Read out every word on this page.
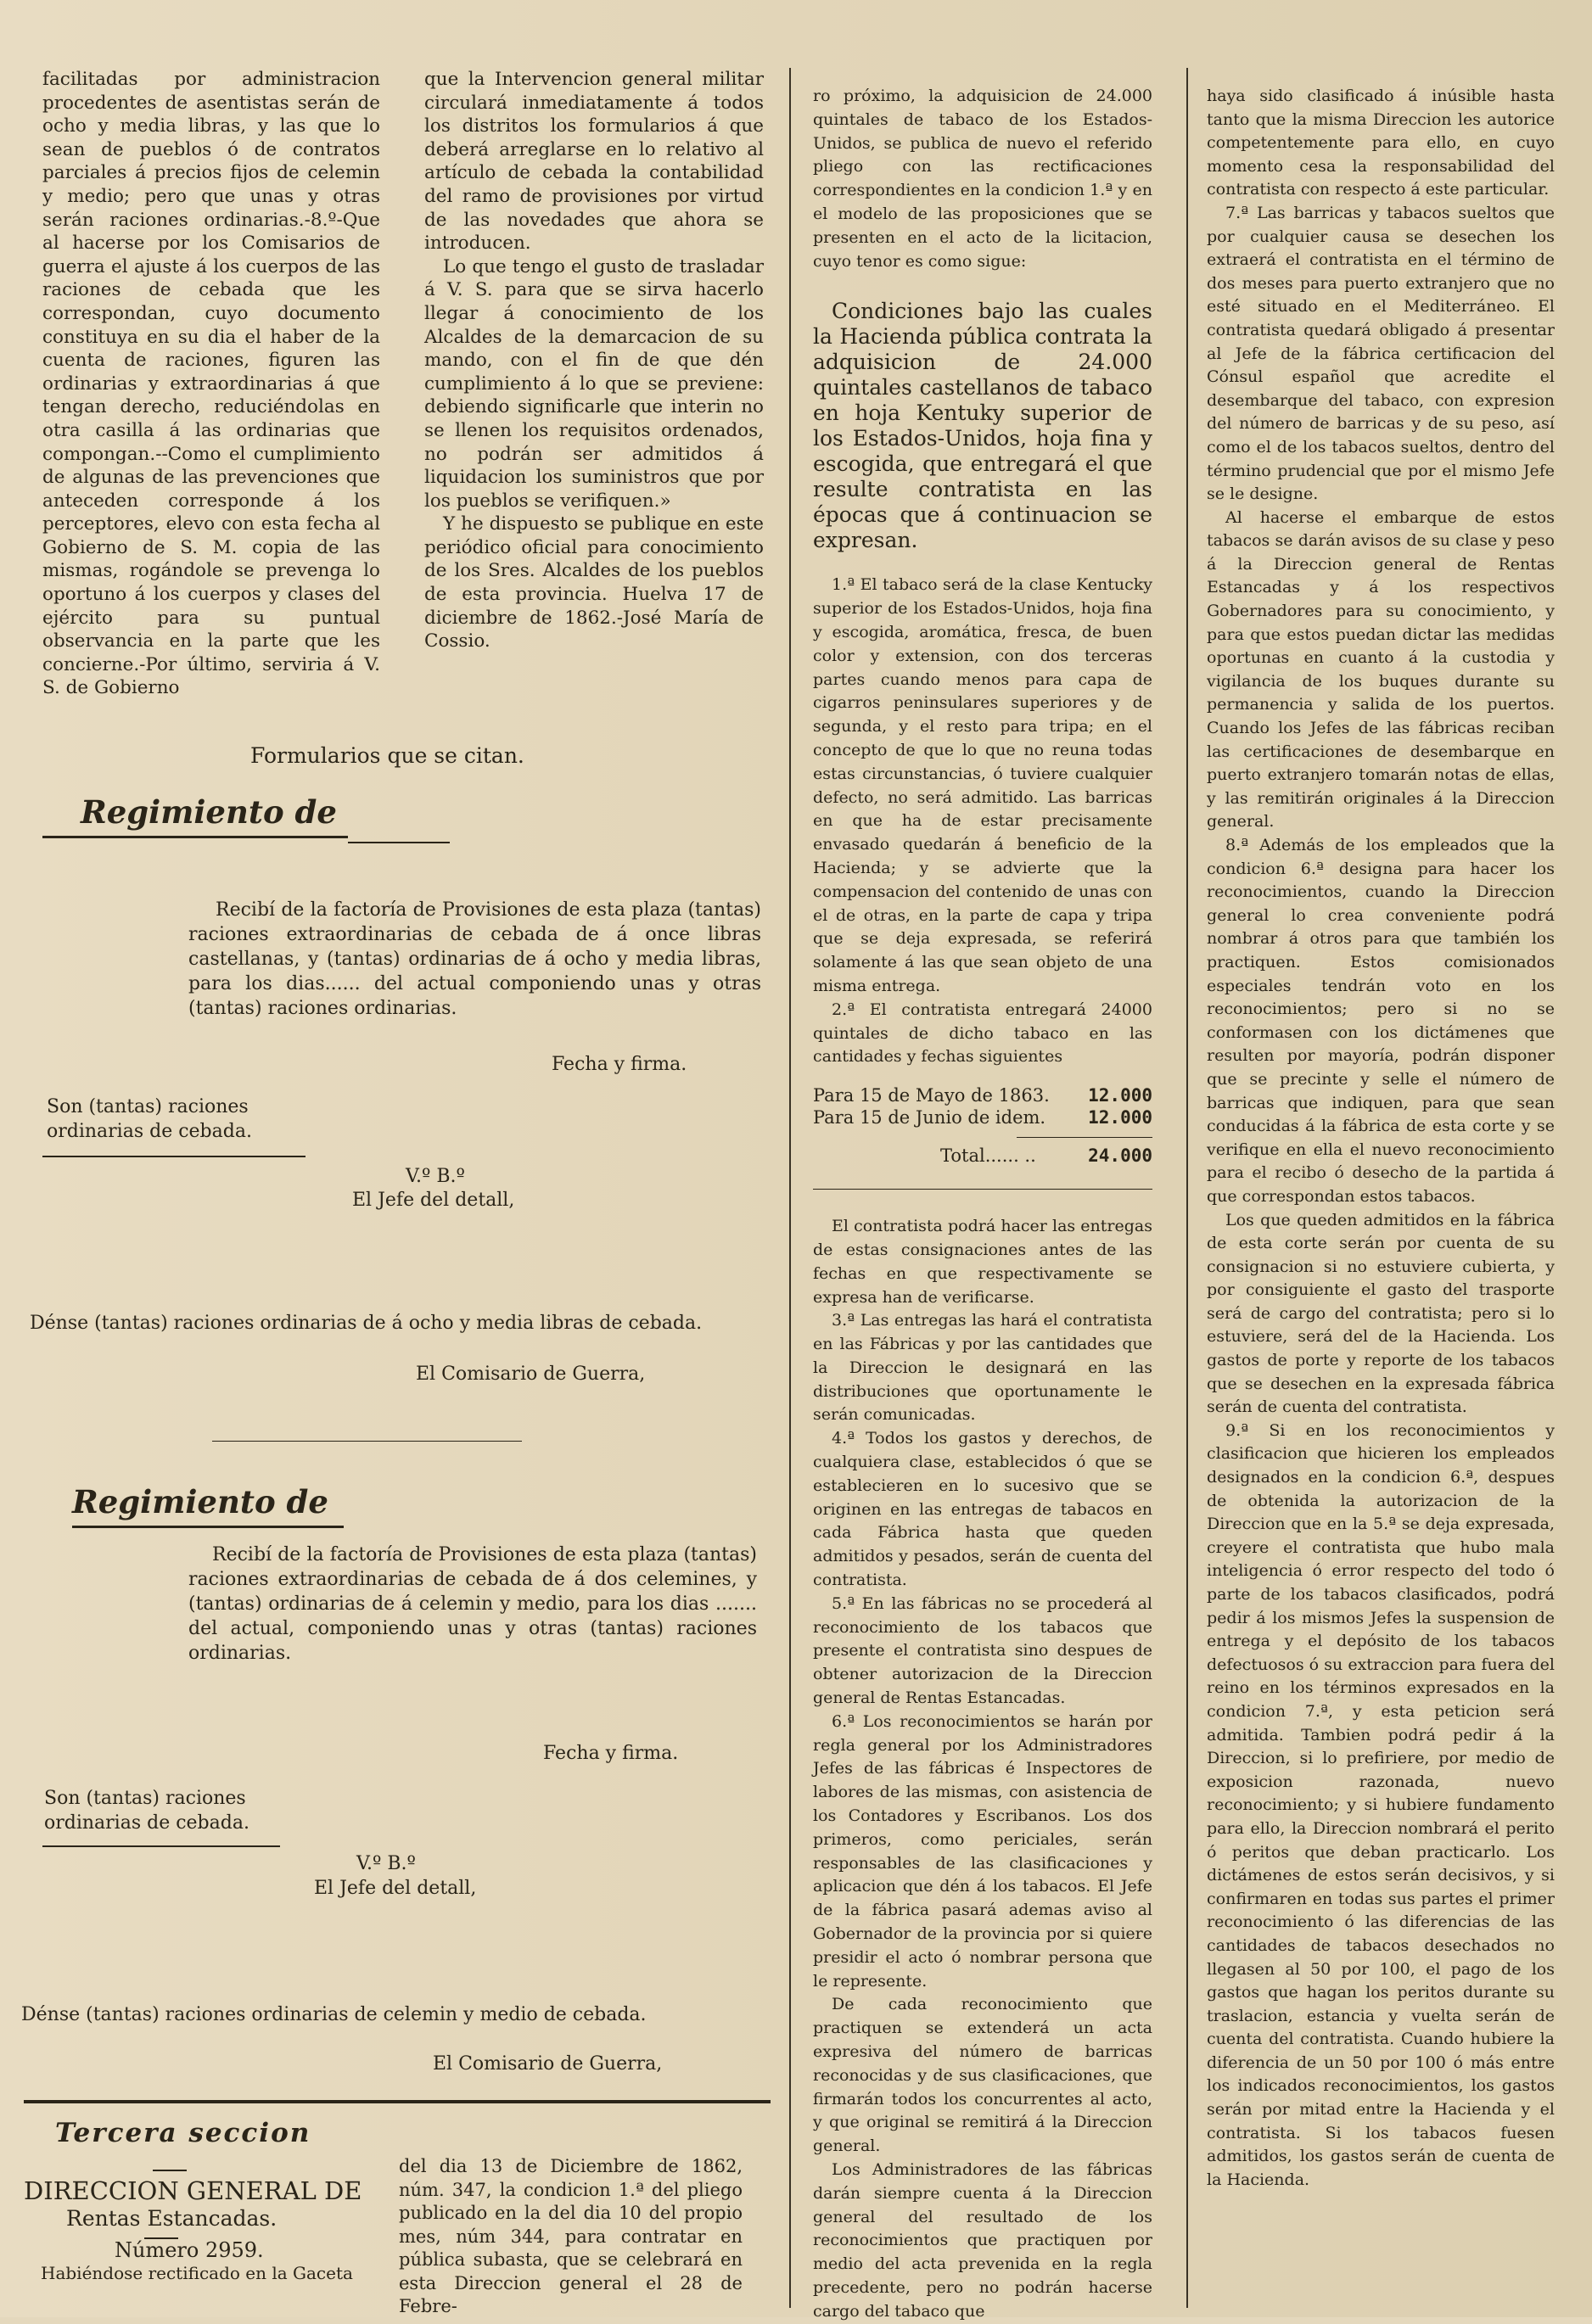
facilitadas por administracion procedentes de asentistas serán de ocho y media libras, y las que lo sean de pueblos ó de contratos parciales á precios fijos de celemin y medio; pero que unas y otras serán raciones ordinarias.-8.º-Que al hacerse por los Comisarios de guerra el ajuste á los cuerpos de las raciones de cebada que les correspondan, cuyo documento constituya en su dia el haber de la cuenta de raciones, figuren las ordinarias y extraordinarias á que tengan derecho, reduciéndolas en otra casilla á las ordinarias que compongan.--Como el cumplimiento de algunas de las prevenciones que anteceden corresponde á los perceptores, elevo con esta fecha al Gobierno de S. M. copia de las mismas, rogándole se prevenga lo oportuno á los cuerpos y clases del ejército para su puntual observancia en la parte que les concierne.-Por último, serviria á V. S. de Gobierno

que la Intervencion general militar circulará inmediatamente á todos los distritos los formularios á que deberá arreglarse en lo relativo al artículo de cebada la contabilidad del ramo de provisiones por virtud de las novedades que ahora se introducen.

Lo que tengo el gusto de trasladar á V. S. para que se sirva hacerlo llegar á conocimiento de los Alcaldes de la demarcacion de su mando, con el fin de que dén cumplimiento á lo que se previene: debiendo significarle que interin no se llenen los requisitos ordenados, no podrán ser admitidos á liquidacion los suministros que por los pueblos se verifiquen.»

Y he dispuesto se publique en este periódico oficial para conocimiento de los Sres. Alcaldes de los pueblos de esta provincia. Huelva 17 de diciembre de 1862.-José María de Cossio.

Formularios que se citan.
Regimiento de
Recibí de la factoría de Provisiones de esta plaza (tantas) raciones extraordinarias de cebada de á once libras castellanas, y (tantas) ordinarias de á ocho y media libras, para los dias...... del actual componiendo unas y otras (tantas) raciones ordinarias.
Fecha y firma.
Son (tantas) raciones ordinarias de cebada.
V.º B.º
El Jefe del detall,
Dénse (tantas) raciones ordinarias de á ocho y media libras de cebada.
El Comisario de Guerra,
Regimiento de
Recibí de la factoría de Provisiones de esta plaza (tantas) raciones extraordinarias de cebada de á dos celemines, y (tantas) ordinarias de á celemin y medio, para los dias ....... del actual, componiendo unas y otras (tantas) raciones ordinarias.
Fecha y firma.
Son (tantas) raciones ordinarias de cebada.
V.º B.º
El Jefe del detall,
Dénse (tantas) raciones ordinarias de celemin y medio de cebada.
El Comisario de Guerra,
Tercera seccion
DIRECCION GENERAL DE
Rentas Estancadas.
Número 2959.
Habiéndose rectificado en la Gaceta
del dia 13 de Diciembre de 1862, núm. 347, la condicion 1.ª del pliego publicado en la del dia 10 del propio mes, núm 344, para contratar en pública subasta, que se celebrará en esta Direccion general el 28 de Febre-

ro próximo, la adquisicion de 24.000 quintales de tabaco de los Estados-Unidos, se publica de nuevo el referido pliego con las rectificaciones correspondientes en la condicion 1.ª y en el modelo de las proposiciones que se presenten en el acto de la licitacion, cuyo tenor es como sigue:

Condiciones bajo las cuales la Hacienda pública contrata la adquisicion de 24.000 quintales castellanos de tabaco en hoja Kentuky superior de los Estados-Unidos, hoja fina y escogida, que entregará el que resulte contratista en las épocas que á continuacion se expresan.

1.ª El tabaco será de la clase Kentucky superior de los Estados-Unidos, hoja fina y escogida, aromática, fresca, de buen color y extension, con dos terceras partes cuando menos para capa de cigarros peninsulares superiores y de segunda, y el resto para tripa; en el concepto de que lo que no reuna todas estas circunstancias, ó tuviere cualquier defecto, no será admitido. Las barricas en que ha de estar precisamente envasado quedarán á beneficio de la Hacienda; y se advierte que la compensacion del contenido de unas con el de otras, en la parte de capa y tripa que se deja expresada, se referirá solamente á las que sean objeto de una misma entrega.

2.ª El contratista entregará 24000 quintales de dicho tabaco en las cantidades y fechas siguientes

Para 15 de Mayo de 1863. 12.000
Para 15 de Junio de idem. 12.000
Total...... ..	24.000

El contratista podrá hacer las entregas de estas consignaciones antes de las fechas en que respectivamente se expresa han de verificarse.

3.ª Las entregas las hará el contratista en las Fábricas y por las cantidades que la Direccion le designará en las distribuciones que oportunamente le serán comunicadas.

4.ª Todos los gastos y derechos, de cualquiera clase, establecidos ó que se establecieren en lo sucesivo que se originen en las entregas de tabacos en cada Fábrica hasta que queden admitidos y pesados, serán de cuenta del contratista.

5.ª En las fábricas no se procederá al reconocimiento de los tabacos que presente el contratista sino despues de obtener autorizacion de la Direccion general de Rentas Estancadas.

6.ª Los reconocimientos se harán por regla general por los Administradores Jefes de las fábricas é Inspectores de labores de las mismas, con asistencia de los Contadores y Escribanos. Los dos primeros, como periciales, serán responsables de las clasificaciones y aplicacion que dén á los tabacos. El Jefe de la fábrica pasará ademas aviso al Gobernador de la provincia por si quiere presidir el acto ó nombrar persona que le represente.

De cada reconocimiento que practiquen se extenderá un acta expresiva del número de barricas reconocidas y de sus clasificaciones, que firmarán todos los concurrentes al acto, y que original se remitirá á la Direccion general.

Los Administradores de las fábricas darán siempre cuenta á la Direccion general del resultado de los reconocimientos que practiquen por medio del acta prevenida en la regla precedente, pero no podrán hacerse cargo del tabaco que

haya sido clasificado á inúsible hasta tanto que la misma Direccion les autorice competentemente para ello, en cuyo momento cesa la responsabilidad del contratista con respecto á este particular.

7.ª Las barricas y tabacos sueltos que por cualquier causa se desechen los extraerá el contratista en el término de dos meses para puerto extranjero que no esté situado en el Mediterráneo. El contratista quedará obligado á presentar al Jefe de la fábrica certificacion del Cónsul español que acredite el desembarque del tabaco, con expresion del número de barricas y de su peso, así como el de los tabacos sueltos, dentro del término prudencial que por el mismo Jefe se le designe.

Al hacerse el embarque de estos tabacos se darán avisos de su clase y peso á la Direccion general de Rentas Estancadas y á los respectivos Gobernadores para su conocimiento, y para que estos puedan dictar las medidas oportunas en cuanto á la custodia y vigilancia de los buques durante su permanencia y salida de los puertos. Cuando los Jefes de las fábricas reciban las certificaciones de desembarque en puerto extranjero tomarán notas de ellas, y las remitirán originales á la Direccion general.

8.ª Además de los empleados que la condicion 6.ª designa para hacer los reconocimientos, cuando la Direccion general lo crea conveniente podrá nombrar á otros para que también los practiquen. Estos comisionados especiales tendrán voto en los reconocimientos; pero si no se conformasen con los dictámenes que resulten por mayoría, podrán disponer que se precinte y selle el número de barricas que indiquen, para que sean conducidas á la fábrica de esta corte y se verifique en ella el nuevo reconocimiento para el recibo ó desecho de la partida á que correspondan estos tabacos.

Los que queden admitidos en la fábrica de esta corte serán por cuenta de su consignacion si no estuviere cubierta, y por consiguiente el gasto del trasporte será de cargo del contratista; pero si lo estuviere, será del de la Hacienda. Los gastos de porte y reporte de los tabacos que se desechen en la expresada fábrica serán de cuenta del contratista.

9.ª Si en los reconocimientos y clasificacion que hicieren los empleados designados en la condicion 6.ª, despues de obtenida la autorizacion de la Direccion que en la 5.ª se deja expresada, creyere el contratista que hubo mala inteligencia ó error respecto del todo ó parte de los tabacos clasificados, podrá pedir á los mismos Jefes la suspension de entrega y el depósito de los tabacos defectuosos ó su extraccion para fuera del reino en los términos expresados en la condicion 7.ª, y esta peticion será admitida. Tambien podrá pedir á la Direccion, si lo prefiriere, por medio de exposicion razonada, nuevo reconocimiento; y si hubiere fundamento para ello, la Direccion nombrará el perito ó peritos que deban practicarlo. Los dictámenes de estos serán decisivos, y si confirmaren en todas sus partes el primer reconocimiento ó las diferencias de las cantidades de tabacos desechados no llegasen al 50 por 100, el pago de los gastos que hagan los peritos durante su traslacion, estancia y vuelta serán de cuenta del contratista. Cuando hubiere la diferencia de un 50 por 100 ó más entre los indicados reconocimientos, los gastos serán por mitad entre la Hacienda y el contratista. Si los tabacos fuesen admitidos, los gastos serán de cuenta de la Hacienda.
